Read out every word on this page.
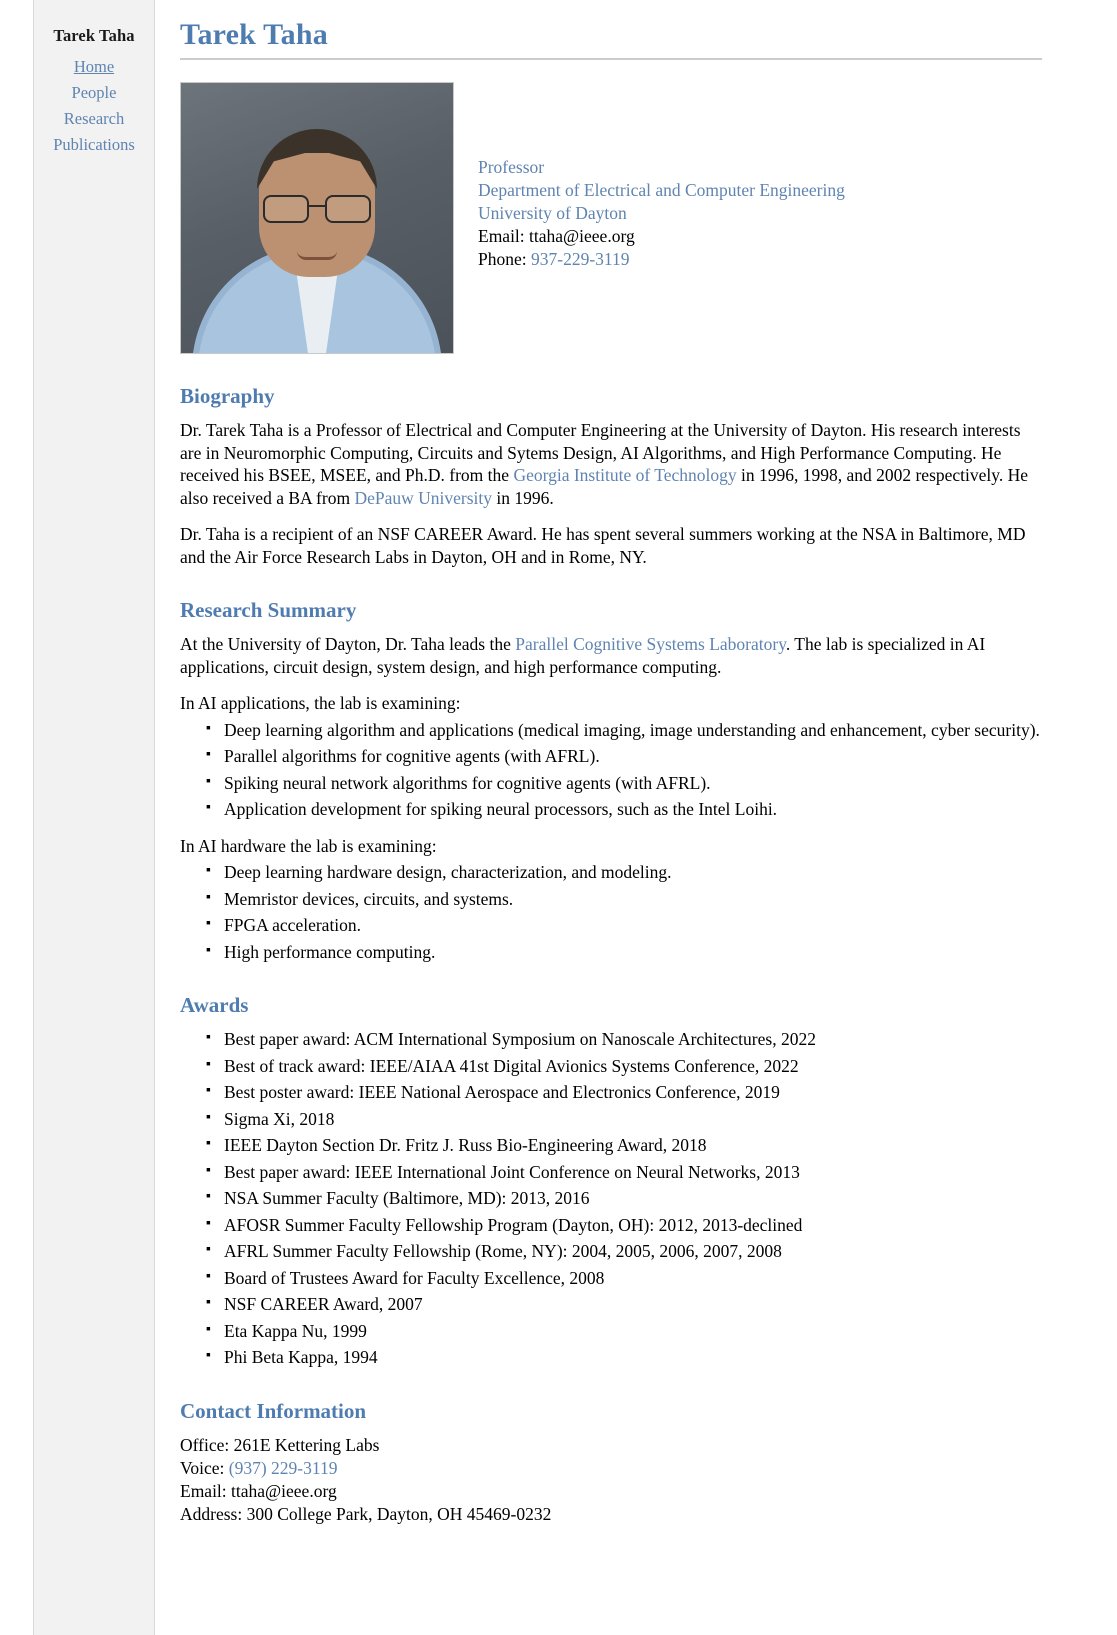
Tarek Taha
Home
People
Research
Publications
Tarek Taha

Professor

Department of Electrical and Computer Engineering

University of Dayton

Email: ttaha@ieee.org

Phone: 937-229-3119

Biography

Dr. Tarek Taha is a Professor of Electrical and Computer Engineering at the University of Dayton. His research interests are in Neuromorphic Computing, Circuits and Sytems Design, AI Algorithms, and High Performance Computing. He received his BSEE, MSEE, and Ph.D. from the Georgia Institute of Technology in 1996, 1998, and 2002 respectively. He also received a BA from DePauw University in 1996.

Dr. Taha is a recipient of an NSF CAREER Award. He has spent several summers working at the NSA in Baltimore, MD and the Air Force Research Labs in Dayton, OH and in Rome, NY.

Research Summary

At the University of Dayton, Dr. Taha leads the Parallel Cognitive Systems Laboratory. The lab is specialized in AI applications, circuit design, system design, and high performance computing.

In AI applications, the lab is examining:

▪ Deep learning algorithm and applications (medical imaging, image understanding and enhancement, cyber security).
▪ Parallel algorithms for cognitive agents (with AFRL).
▪ Spiking neural network algorithms for cognitive agents (with AFRL).
▪ Application development for spiking neural processors, such as the Intel Loihi.

In AI hardware the lab is examining:

▪ Deep learning hardware design, characterization, and modeling.
▪ Memristor devices, circuits, and systems.
▪ FPGA acceleration.
▪ High performance computing.
Awards
▪ Best paper award: ACM International Symposium on Nanoscale Architectures, 2022
▪ Best of track award: IEEE/AIAA 41st Digital Avionics Systems Conference, 2022
▪ Best poster award: IEEE National Aerospace and Electronics Conference, 2019
▪ Sigma Xi, 2018
▪ IEEE Dayton Section Dr. Fritz J. Russ Bio-Engineering Award, 2018
▪ Best paper award: IEEE International Joint Conference on Neural Networks, 2013
▪ NSA Summer Faculty (Baltimore, MD): 2013, 2016
▪ AFOSR Summer Faculty Fellowship Program (Dayton, OH): 2012, 2013-declined
▪ AFRL Summer Faculty Fellowship (Rome, NY): 2004, 2005, 2006, 2007, 2008
▪ Board of Trustees Award for Faculty Excellence, 2008
▪ NSF CAREER Award, 2007
▪ Eta Kappa Nu, 1999
▪ Phi Beta Kappa, 1994
Contact Information

Office: 261E Kettering Labs

Voice: (937) 229-3119

Email: ttaha@ieee.org

Address: 300 College Park, Dayton, OH 45469-0232
